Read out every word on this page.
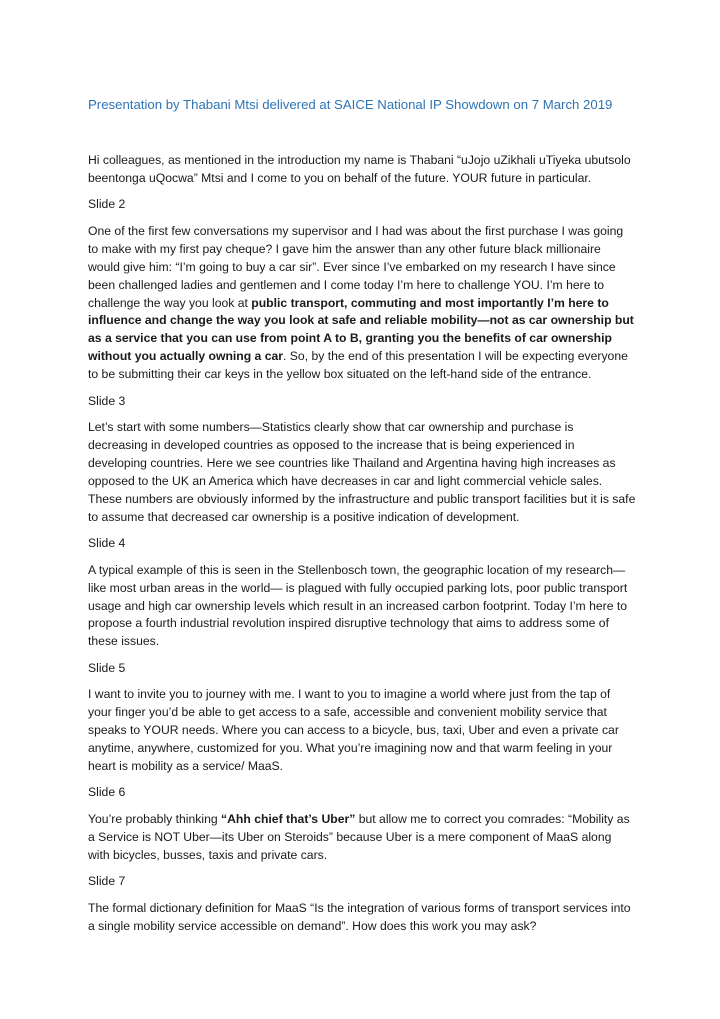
Presentation by Thabani Mtsi delivered at SAICE National IP Showdown on 7 March 2019

Hi colleagues, as mentioned in the introduction my name is Thabani “uJojo uZikhali uTiyeka ubutsolo beentonga uQocwa” Mtsi and I come to you on behalf of the future. YOUR future in particular.

Slide 2

One of the first few conversations my supervisor and I had was about the first purchase I was going to make with my first pay cheque? I gave him the answer than any other future black millionaire would give him: “I’m going to buy a car sir”. Ever since I’ve embarked on my research I have since been challenged ladies and gentlemen and I come today I’m here to challenge YOU. I’m here to challenge the way you look at public transport, commuting and most importantly I’m here to influence and change the way you look at safe and reliable mobility—not as car ownership but as a service that you can use from point A to B, granting you the benefits of car ownership without you actually owning a car. So, by the end of this presentation I will be expecting everyone to be submitting their car keys in the yellow box situated on the left-hand side of the entrance.

Slide 3

Let’s start with some numbers—Statistics clearly show that car ownership and purchase is decreasing in developed countries as opposed to the increase that is being experienced in developing countries. Here we see countries like Thailand and Argentina having high increases as opposed to the UK an America which have decreases in car and light commercial vehicle sales. These numbers are obviously informed by the infrastructure and public transport facilities but it is safe to assume that decreased car ownership is a positive indication of development.

Slide 4

A typical example of this is seen in the Stellenbosch town, the geographic location of my research—like most urban areas in the world— is plagued with fully occupied parking lots, poor public transport usage and high car ownership levels which result in an increased carbon footprint. Today I’m here to propose a fourth industrial revolution inspired disruptive technology that aims to address some of these issues.

Slide 5

I want to invite you to journey with me. I want to you to imagine a world where just from the tap of your finger you’d be able to get access to a safe, accessible and convenient mobility service that speaks to YOUR needs. Where you can access to a bicycle, bus, taxi, Uber and even a private car anytime, anywhere, customized for you. What you’re imagining now and that warm feeling in your heart is mobility as a service/ MaaS.

Slide 6

You’re probably thinking “Ahh chief that’s Uber” but allow me to correct you comrades: “Mobility as a Service is NOT Uber—its Uber on Steroids” because Uber is a mere component of MaaS along with bicycles, busses, taxis and private cars.

Slide 7

The formal dictionary definition for MaaS “Is the integration of various forms of transport services into a single mobility service accessible on demand”. How does this work you may ask?
